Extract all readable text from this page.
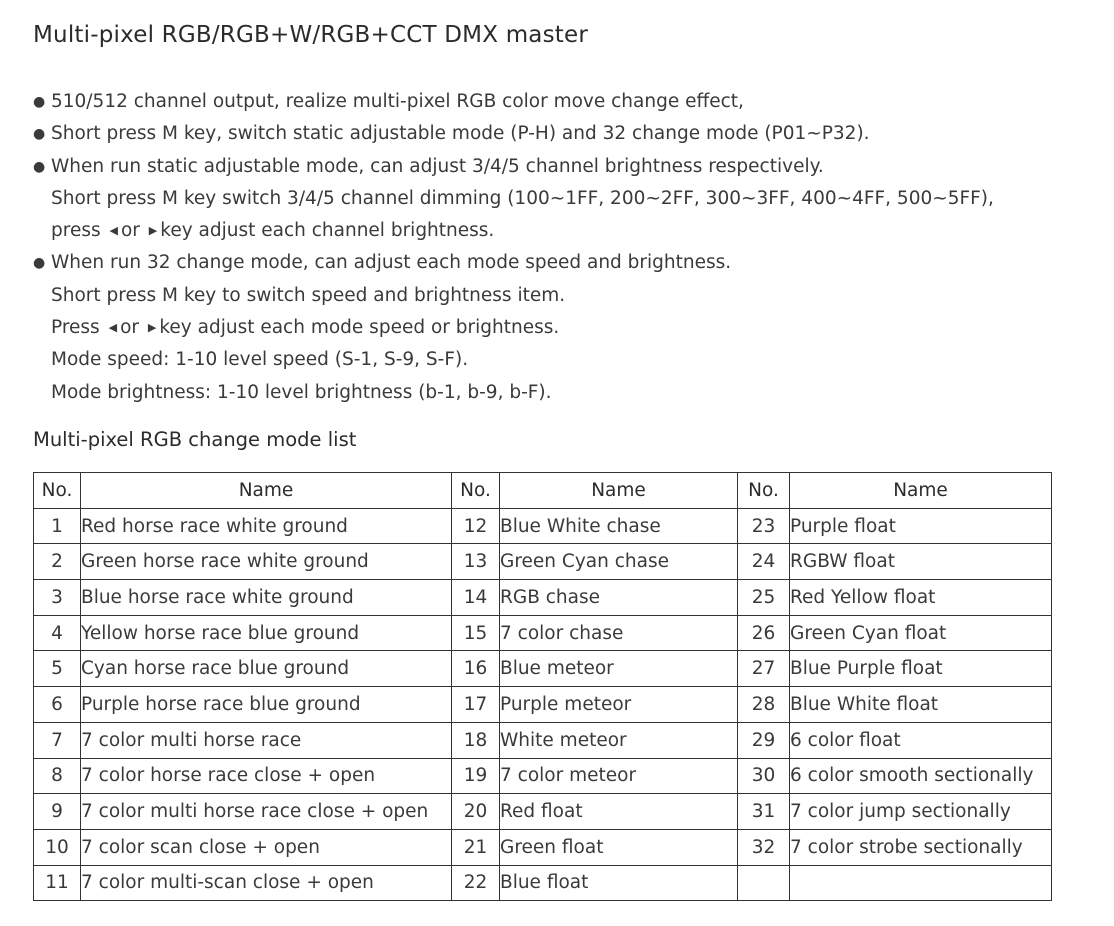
Multi-pixel RGB/RGB+W/RGB+CCT DMX master
● 510/512 channel output, realize multi-pixel RGB color move change effect,
● Short press M key, switch static adjustable mode (P-H) and 32 change mode (P01~P32).
● When run static adjustable mode, can adjust 3/4/5 channel brightness respectively.
Short press M key switch 3/4/5 channel dimming (100~1FF, 200~2FF, 300~3FF, 400~4FF, 500~5FF),
press ◀ or ▶ key adjust each channel brightness.
● When run 32 change mode, can adjust each mode speed and brightness.
Short press M key to switch speed and brightness item.
Press ◀ or ▶ key adjust each mode speed or brightness.
Mode speed: 1-10 level speed (S-1, S-9, S-F).
Mode brightness: 1-10 level brightness (b-1, b-9, b-F).
Multi-pixel RGB change mode list
No.	Name	No.	Name	No.	Name
1	Red horse race white ground	12	Blue White chase	23	Purple float
2	Green horse race white ground	13	Green Cyan chase	24	RGBW float
3	Blue horse race white ground	14	RGB chase	25	Red Yellow float
4	Yellow horse race blue ground	15	7 color chase	26	Green Cyan float
5	Cyan horse race blue ground	16	Blue meteor	27	Blue Purple float
6	Purple horse race blue ground	17	Purple meteor	28	Blue White float
7	7 color multi horse race	18	White meteor	29	6 color float
8	7 color horse race close + open	19	7 color meteor	30	6 color smooth sectionally
9	7 color multi horse race close + open	20	Red float	31	7 color jump sectionally
10	7 color scan close + open	21	Green float	32	7 color strobe sectionally
11	7 color multi-scan close + open	22	Blue float		
